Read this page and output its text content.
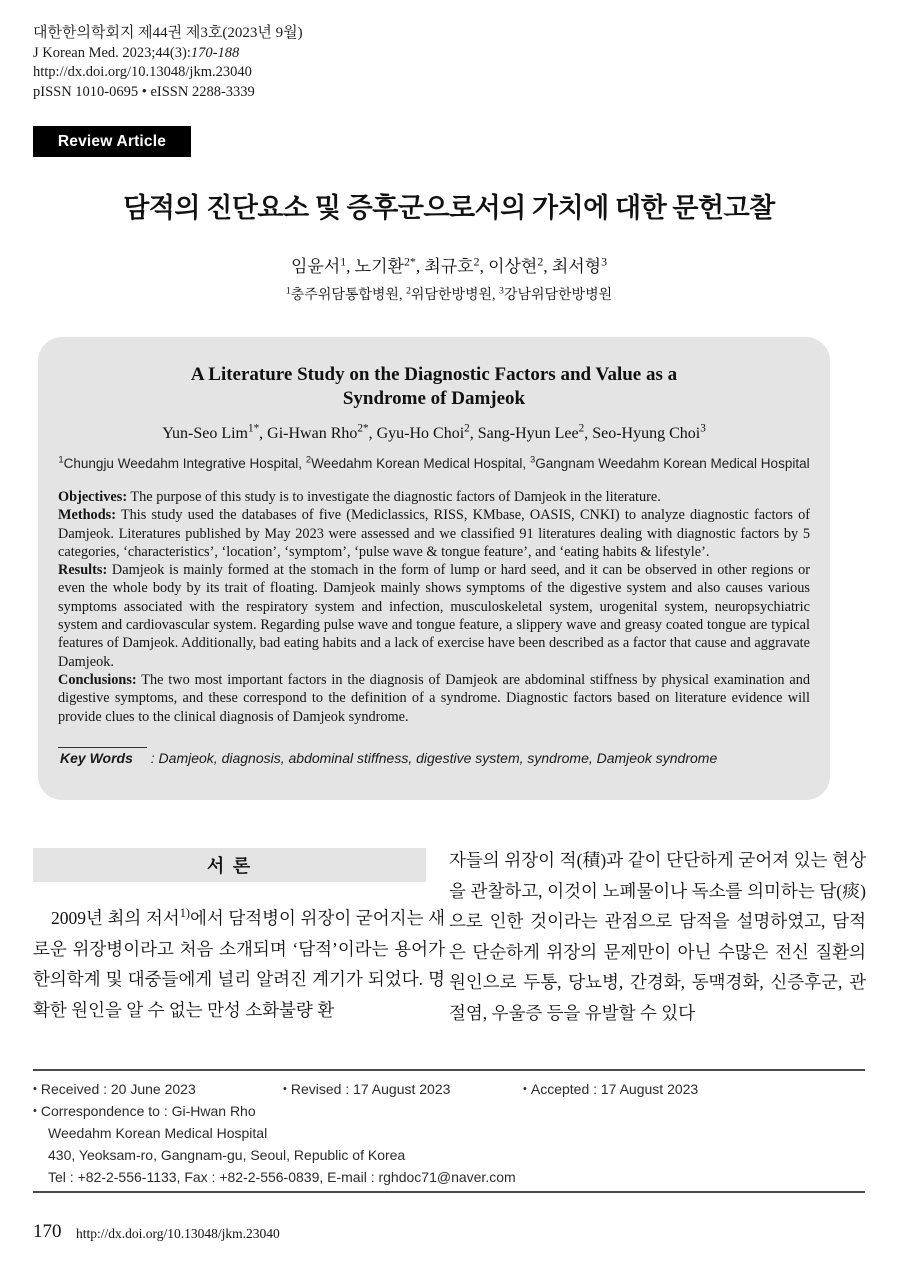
대한한의학회지 제44권 제3호(2023년 9월)
J Korean Med. 2023;44(3):170-188
http://dx.doi.org/10.13048/jkm.23040
pISSN 1010-0695 • eISSN 2288-3339
Review Article
담적의 진단요소 및 증후군으로서의 가치에 대한 문헌고찰
임윤서$^1$, 노기환$^{2*}$, 최규호$^2$, 이상현$^2$, 최서형$^3$
$^1$충주위담통합병원, $^2$위담한방병원, $^3$강남위담한방병원
A Literature Study on the Diagnostic Factors and Value as a
Syndrome of Damjeok
Yun-Seo Lim$^{1*}$, Gi-Hwan Rho$^{2*}$, Gyu-Ho Choi$^2$, Sang-Hyun Lee$^2$, Seo-Hyung Choi$^3$
$^1$Chungju Weedahm Integrative Hospital, $^2$Weedahm Korean Medical Hospital, $^3$Gangnam Weedahm Korean Medical Hospital

Objectives: The purpose of this study is to investigate the diagnostic factors of Damjeok in the literature.

Methods: This study used the databases of five (Mediclassics, RISS, KMbase, OASIS, CNKI) to analyze diagnostic factors of Damjeok. Literatures published by May 2023 were assessed and we classified 91 literatures dealing with diagnostic factors by 5 categories, ‘characteristics’, ‘location’, ‘symptom’, ‘pulse wave & tongue feature’, and ‘eating habits & lifestyle’.

Results: Damjeok is mainly formed at the stomach in the form of lump or hard seed, and it can be observed in other regions or even the whole body by its trait of floating. Damjeok mainly shows symptoms of the digestive system and also causes various symptoms associated with the respiratory system and infection, musculoskeletal system, urogenital system, neuropsychiatric system and cardiovascular system. Regarding pulse wave and tongue feature, a slippery wave and greasy coated tongue are typical features of Damjeok. Additionally, bad eating habits and a lack of exercise have been described as a factor that cause and aggravate Damjeok.

Conclusions: The two most important factors in the diagnosis of Damjeok are abdominal stiffness by physical examination and digestive symptoms, and these correspond to the definition of a syndrome. Diagnostic factors based on literature evidence will provide clues to the clinical diagnosis of Damjeok syndrome.

Key Words : Damjeok, diagnosis, abdominal stiffness, digestive system, syndrome, Damjeok syndrome
서 론
2009년 최의 저서$^{1)}$에서 담적병이 위장이 굳어지는 새로운 위장병이라고 처음 소개되며 ‘담적’이라는 용어가 한의학계 및 대중들에게 널리 알려진 계기가 되었다. 명확한 원인을 알 수 없는 만성 소화불량 환
자들의 위장이 적(積)과 같이 단단하게 굳어져 있는 현상을 관찰하고, 이것이 노폐물이나 독소를 의미하는 담(痰)으로 인한 것이라는 관점으로 담적을 설명하였고, 담적은 단순하게 위장의 문제만이 아닌 수많은 전신 질환의 원인으로 두통, 당뇨병, 간경화, 동맥경화, 신증후군, 관절염, 우울증 등을 유발할 수 있다
• Received : 20 June 2023	• Revised : 17 August 2023	• Accepted : 17 August 2023
• Correspondence to : Gi-Hwan Rho
Weedahm Korean Medical Hospital
430, Yeoksam-ro, Gangnam-gu, Seoul, Republic of Korea
Tel : +82-2-556-1133, Fax : +82-2-556-0839, E-mail : rghdoc71@naver.com
170 http://dx.doi.org/10.13048/jkm.23040
